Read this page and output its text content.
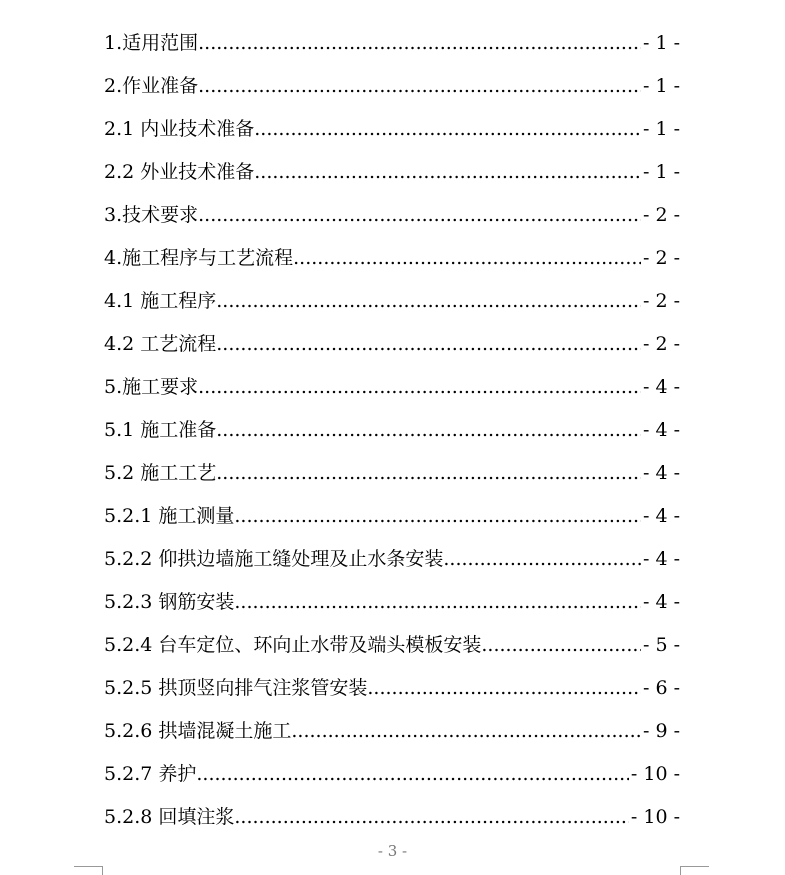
1.适用范围 .....	- 1 -
2.作业准备 .....	- 1 -
2.1 内业技术准备 .....	- 1 -
2.2 外业技术准备 .....	- 1 -
3.技术要求 .....	- 2 -
4.施工程序与工艺流程 .....	- 2 -
4.1 施工程序 .....	- 2 -
4.2 工艺流程 .....	- 2 -
5.施工要求 .....	- 4 -
5.1 施工准备 .....	- 4 -
5.2 施工工艺 .....	- 4 -
5.2.1 施工测量 .....	- 4 -
5.2.2 仰拱边墙施工缝处理及止水条安装 .....	- 4 -
5.2.3 钢筋安装 .....	- 4 -
5.2.4 台车定位、环向止水带及端头模板安装 .....	- 5 -
5.2.5 拱顶竖向排气注浆管安装 .....	- 6 -
5.2.6 拱墙混凝土施工 .....	- 9 -
5.2.7 养护 .....	- 10 -
5.2.8 回填注浆 .....	- 10 -
- 3 -
